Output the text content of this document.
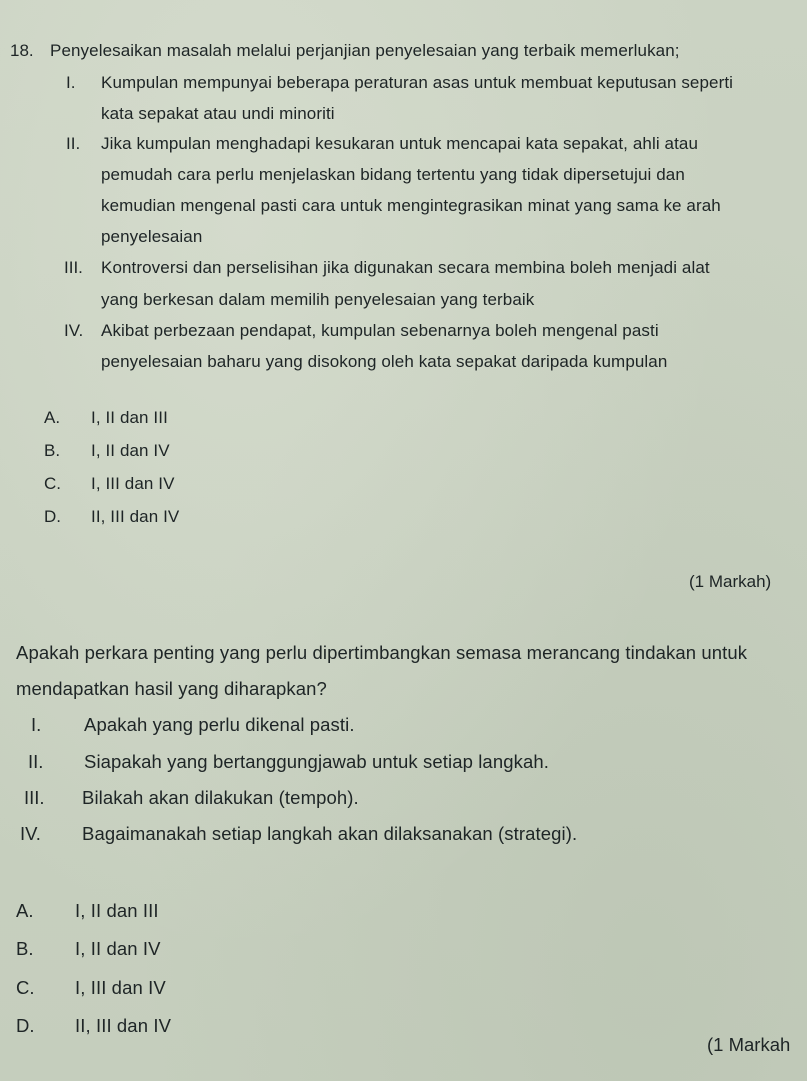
18. Penyelesaikan masalah melalui perjanjian penyelesaian yang terbaik memerlukan;
I. Kumpulan mempunyai beberapa peraturan asas untuk membuat keputusan seperti
kata sepakat atau undi minoriti
II. Jika kumpulan menghadapi kesukaran untuk mencapai kata sepakat, ahli atau
pemudah cara perlu menjelaskan bidang tertentu yang tidak dipersetujui dan
kemudian mengenal pasti cara untuk mengintegrasikan minat yang sama ke arah
penyelesaian
III. Kontroversi dan perselisihan jika digunakan secara membina boleh menjadi alat
yang berkesan dalam memilih penyelesaian yang terbaik
IV. Akibat perbezaan pendapat, kumpulan sebenarnya boleh mengenal pasti
penyelesaian baharu yang disokong oleh kata sepakat daripada kumpulan
A. I, II dan III
B. I, II dan IV
C. I, III dan IV
D. II, III dan IV
(1 Markah)
Apakah perkara penting yang perlu dipertimbangkan semasa merancang tindakan untuk
mendapatkan hasil yang diharapkan?
I. Apakah yang perlu dikenal pasti.
II. Siapakah yang bertanggungjawab untuk setiap langkah.
III. Bilakah akan dilakukan (tempoh).
IV. Bagaimanakah setiap langkah akan dilaksanakan (strategi).
A. I, II dan III
B. I, II dan IV
C. I, III dan IV
D. II, III dan IV
(1 Markah
